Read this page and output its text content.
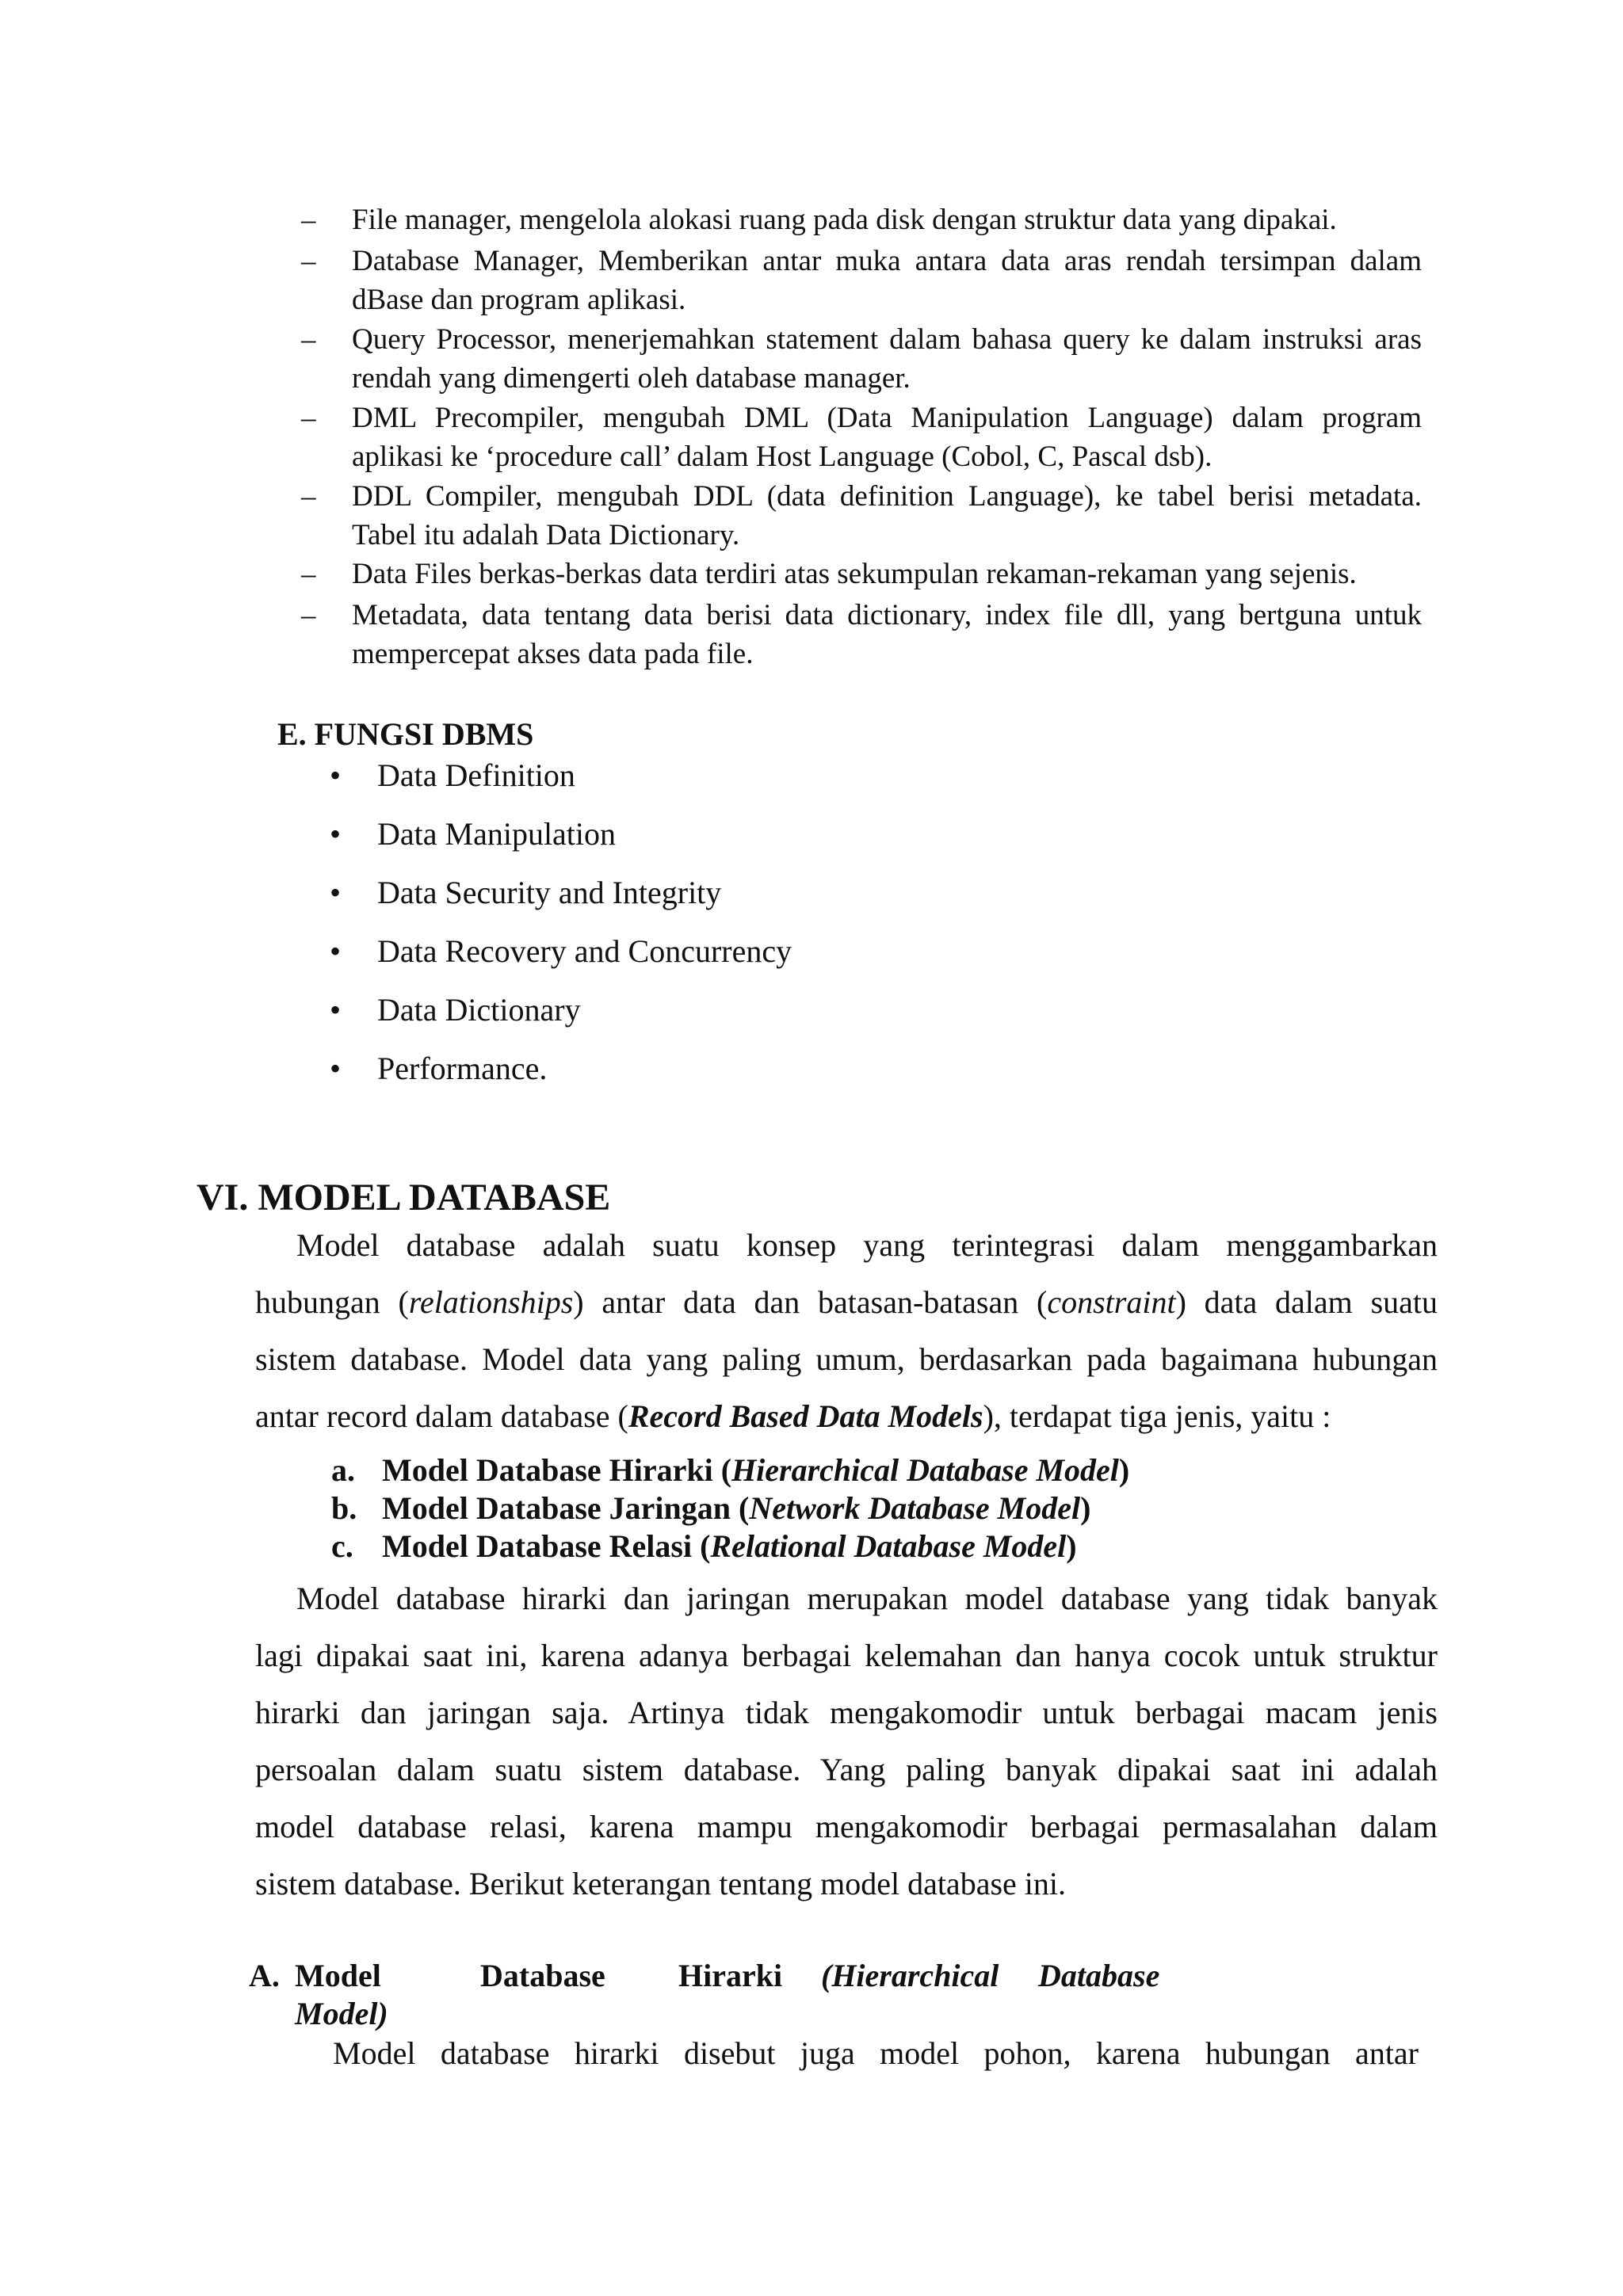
– File manager, mengelola alokasi ruang pada disk dengan struktur data yang dipakai.
– Database Manager, Memberikan antar muka antara data aras rendah tersimpan dalam
dBase dan program aplikasi.
– Query Processor, menerjemahkan statement dalam bahasa query ke dalam instruksi aras
rendah yang dimengerti oleh database manager.
– DML Precompiler, mengubah DML (Data Manipulation Language) dalam program
aplikasi ke ‘procedure call’ dalam Host Language (Cobol, C, Pascal dsb).
– DDL Compiler, mengubah DDL (data definition Language), ke tabel berisi metadata.
Tabel itu adalah Data Dictionary.
– Data Files berkas-berkas data terdiri atas sekumpulan rekaman-rekaman yang sejenis.
– Metadata, data tentang data berisi data dictionary, index file dll, yang bertguna untuk
mempercepat akses data pada file.
E. FUNGSI DBMS
• Data Definition
• Data Manipulation
• Data Security and Integrity
• Data Recovery and Concurrency
• Data Dictionary
• Performance.
VI. MODEL DATABASE
Model database adalah suatu konsep yang terintegrasi dalam menggambarkan
hubungan (relationships) antar data dan batasan-batasan (constraint) data dalam suatu
sistem database. Model data yang paling umum, berdasarkan pada bagaimana hubungan
antar record dalam database (Record Based Data Models), terdapat tiga jenis, yaitu :
a. Model Database Hirarki (Hierarchical Database Model)
b. Model Database Jaringan (Network Database Model)
c. Model Database Relasi (Relational Database Model)
Model database hirarki dan jaringan merupakan model database yang tidak banyak
lagi dipakai saat ini, karena adanya berbagai kelemahan dan hanya cocok untuk struktur
hirarki dan jaringan saja. Artinya tidak mengakomodir untuk berbagai macam jenis
persoalan dalam suatu sistem database. Yang paling banyak dipakai saat ini adalah
model database relasi, karena mampu mengakomodir berbagai permasalahan dalam
sistem database. Berikut keterangan tentang model database ini.
A. Model	Database Hirarki (Hierarchical Database
Model)
Model database hirarki disebut juga model pohon, karena hubungan antar
